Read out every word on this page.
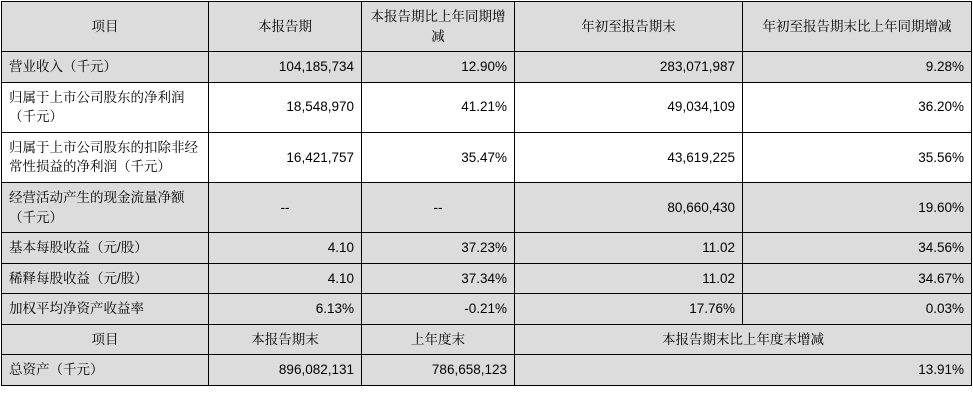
项目	本报告期	本报告期比上年同期增减	年初至报告期末	年初至报告期末比上年同期增减
营业收入（千元）	104,185,734	12.90%	283,071,987	9.28%
归属于上市公司股东的净利润（千元）	18,548,970	41.21%	49,034,109	36.20%
归属于上市公司股东的扣除非经常性损益的净利润（千元）	16,421,757	35.47%	43,619,225	35.56%
经营活动产生的现金流量净额（千元）	--	--	80,660,430	19.60%
基本每股收益（元/股）	4.10	37.23%	11.02	34.56%
稀释每股收益（元/股）	4.10	37.34%	11.02	34.67%
加权平均净资产收益率	6.13%	-0.21%	17.76%	0.03%
项目	本报告期末	上年度末	本报告期末比上年度末增减	
总资产（千元）	896,082,131	786,658,123	13.91%	
